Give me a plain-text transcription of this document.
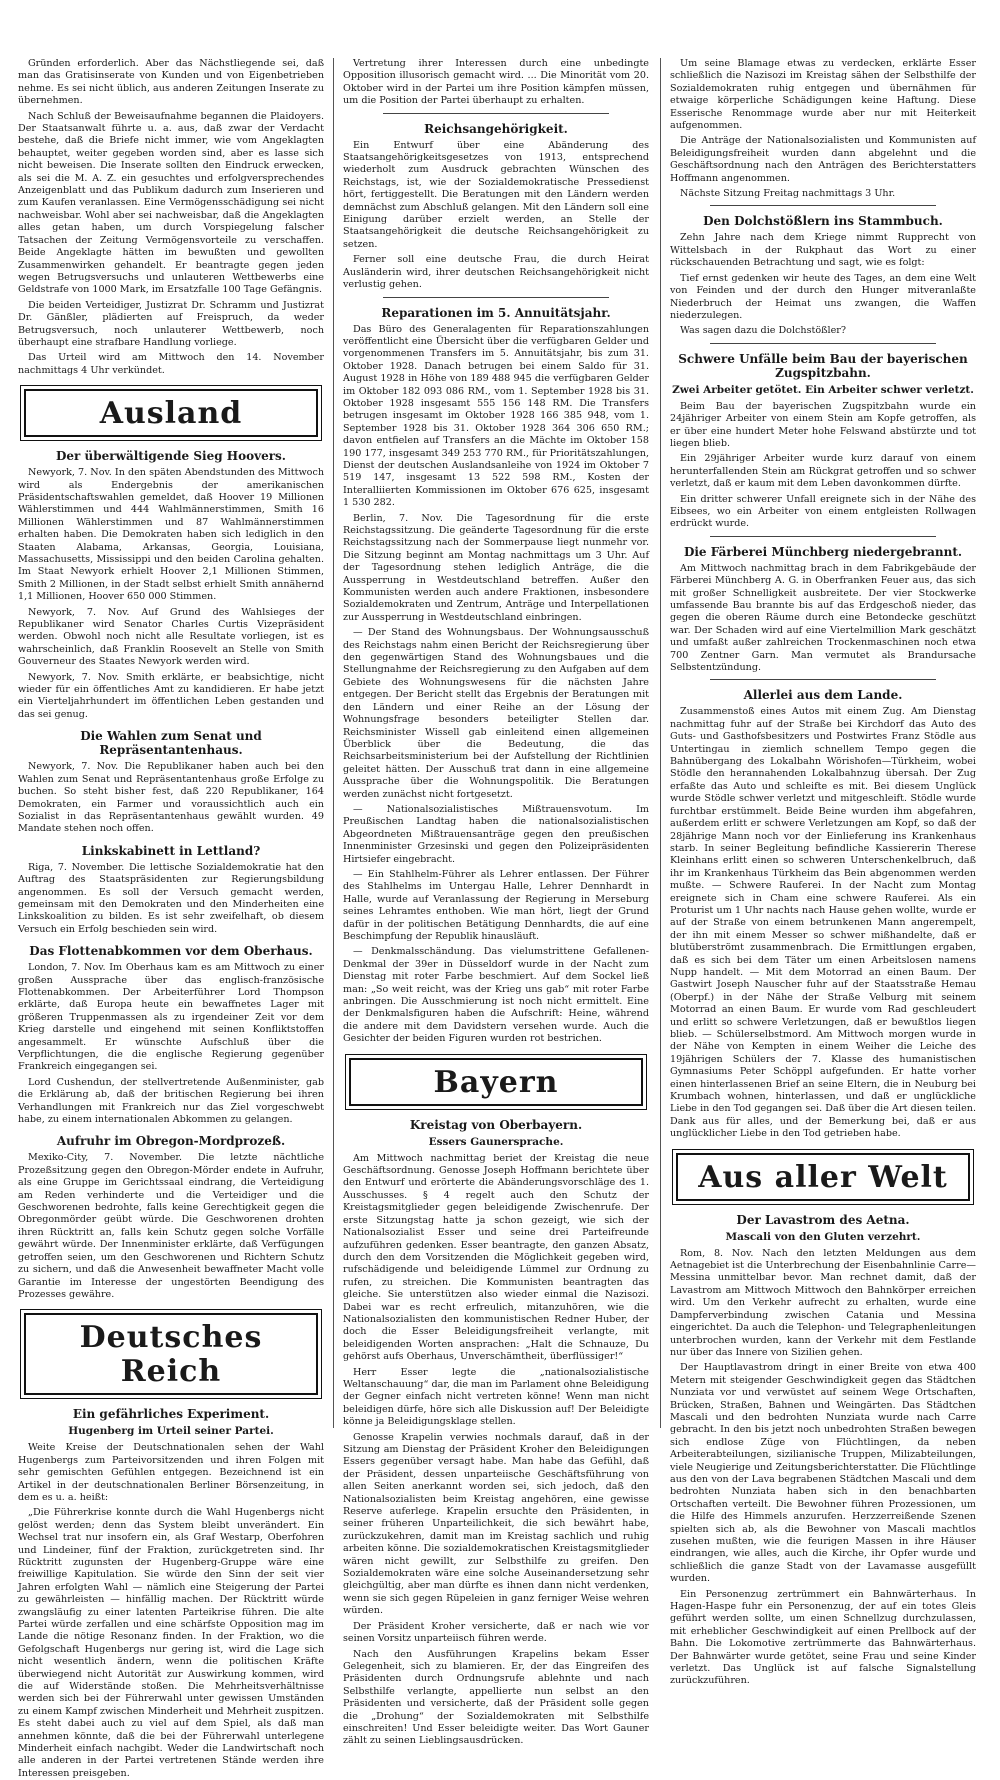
Gründen erforderlich. Aber das Nächstliegende sei, daß man das Gratisinserate von Kunden und von Eigenbetrieben nehme. Es sei nicht üblich, aus anderen Zeitungen Inserate zu übernehmen.

Nach Schluß der Beweisaufnahme begannen die Plaidoyers. Der Staatsanwalt führte u. a. aus, daß zwar der Verdacht bestehe, daß die Briefe nicht immer, wie vom Angeklagten behauptet, weiter gegeben worden sind, aber es lasse sich nicht beweisen. Die Inserate sollten den Eindruck erwecken, als sei die M. A. Z. ein gesuchtes und erfolgversprechendes Anzeigenblatt und das Publikum dadurch zum Inserieren und zum Kaufen veranlassen. Eine Vermögensschädigung sei nicht nachweisbar. Wohl aber sei nachweisbar, daß die Angeklagten alles getan haben, um durch Vorspiegelung falscher Tatsachen der Zeitung Vermögensvorteile zu verschaffen. Beide Angeklagte hätten im bewußten und gewollten Zusammenwirken gehandelt. Er beantragte gegen jeden wegen Betrugsversuchs und unlauteren Wettbewerbs eine Geldstrafe von 1000 Mark, im Ersatzfalle 100 Tage Gefängnis.

Die beiden Verteidiger, Justizrat Dr. Schramm und Justizrat Dr. Gänßler, plädierten auf Freispruch, da weder Betrugsversuch, noch unlauterer Wettbewerb, noch überhaupt eine strafbare Handlung vorliege.

Das Urteil wird am Mittwoch den 14. November nachmittags 4 Uhr verkündet.

Ausland
Der überwältigende Sieg Hoovers.

Newyork, 7. Nov. In den späten Abendstunden des Mittwoch wird als Endergebnis der amerikanischen Präsidentschaftswahlen gemeldet, daß Hoover 19 Millionen Wählerstimmen und 444 Wahlmännerstimmen, Smith 16 Millionen Wählerstimmen und 87 Wahlmännerstimmen erhalten haben. Die Demokraten haben sich lediglich in den Staaten Alabama, Arkansas, Georgia, Louisiana, Massachusetts, Mississippi und den beiden Carolina gehalten. Im Staat Newyork erhielt Hoover 2,1 Millionen Stimmen, Smith 2 Millionen, in der Stadt selbst erhielt Smith annähernd 1,1 Millionen, Hoover 650 000 Stimmen.

Newyork, 7. Nov. Auf Grund des Wahlsieges der Republikaner wird Senator Charles Curtis Vizepräsident werden. Obwohl noch nicht alle Resultate vorliegen, ist es wahrscheinlich, daß Franklin Roosevelt an Stelle von Smith Gouverneur des Staates Newyork werden wird.

Newyork, 7. Nov. Smith erklärte, er beabsichtige, nicht wieder für ein öffentliches Amt zu kandidieren. Er habe jetzt ein Vierteljahrhundert im öffentlichen Leben gestanden und das sei genug.

Die Wahlen zum Senat und Repräsentantenhaus.

Newyork, 7. Nov. Die Republikaner haben auch bei den Wahlen zum Senat und Repräsentantenhaus große Erfolge zu buchen. So steht bisher fest, daß 220 Republikaner, 164 Demokraten, ein Farmer und voraussichtlich auch ein Sozialist in das Repräsentantenhaus gewählt wurden. 49 Mandate stehen noch offen.

Linkskabinett in Lettland?

Riga, 7. November. Die lettische Sozialdemokratie hat den Auftrag des Staatspräsidenten zur Regierungsbildung angenommen. Es soll der Versuch gemacht werden, gemeinsam mit den Demokraten und den Minderheiten eine Linkskoalition zu bilden. Es ist sehr zweifelhaft, ob diesem Versuch ein Erfolg beschieden sein wird.

Das Flottenabkommen vor dem Oberhaus.

London, 7. Nov. Im Oberhaus kam es am Mittwoch zu einer großen Aussprache über das englisch-französische Flottenabkommen. Der Arbeiterführer Lord Thompson erklärte, daß Europa heute ein bewaffnetes Lager mit größeren Truppenmassen als zu irgendeiner Zeit vor dem Krieg darstelle und eingehend mit seinen Konfliktstoffen angesammelt. Er wünschte Aufschluß über die Verpflichtungen, die die englische Regierung gegenüber Frankreich eingegangen sei.

Lord Cushendun, der stellvertretende Außenminister, gab die Erklärung ab, daß der britischen Regierung bei ihren Verhandlungen mit Frankreich nur das Ziel vorgeschwebt habe, zu einem internationalen Abkommen zu gelangen.

Aufruhr im Obregon-Mordprozeß.

Mexiko-City, 7. November. Die letzte nächtliche Prozeßsitzung gegen den Obregon-Mörder endete in Aufruhr, als eine Gruppe im Gerichtssaal eindrang, die Verteidigung am Reden verhinderte und die Verteidiger und die Geschworenen bedrohte, falls keine Gerechtigkeit gegen die Obregonmörder geübt würde. Die Geschworenen drohten ihren Rücktritt an, falls kein Schutz gegen solche Vorfälle gewährt würde. Der Innenminister erklärte, daß Verfügungen getroffen seien, um den Geschworenen und Richtern Schutz zu sichern, und daß die Anwesenheit bewaffneter Macht volle Garantie im Interesse der ungestörten Beendigung des Prozesses gewähre.

Deutsches Reich
Ein gefährliches Experiment.
Hugenberg im Urteil seiner Partei.

Weite Kreise der Deutschnationalen sehen der Wahl Hugenbergs zum Parteivorsitzenden und ihren Folgen mit sehr gemischten Gefühlen entgegen. Bezeichnend ist ein Artikel in der deutschnationalen Berliner Börsenzeitung, in dem es u. a. heißt:

„Die Führerkrise konnte durch die Wahl Hugenbergs nicht gelöst werden; denn das System bleibt unverändert. Ein Wechsel trat nur insofern ein, als Graf Westarp, Oberfohren und Lindeiner, fünf der Fraktion, zurückgetreten sind. Ihr Rücktritt zugunsten der Hugenberg-Gruppe wäre eine freiwillige Kapitulation. Sie würde den Sinn der seit vier Jahren erfolgten Wahl — nämlich eine Steigerung der Partei zu gewährleisten — hinfällig machen. Der Rücktritt würde zwangsläufig zu einer latenten Parteikrise führen. Die alte Partei würde zerfallen und eine schärfste Opposition mag im Lande die nötige Resonanz finden. In der Fraktion, wo die Gefolgschaft Hugenbergs nur gering ist, wird die Lage sich nicht wesentlich ändern, wenn die politischen Kräfte überwiegend nicht Autorität zur Auswirkung kommen, wird die auf Widerstände stoßen. Die Mehrheitsverhältnisse werden sich bei der Führerwahl unter gewissen Umständen zu einem Kampf zwischen Minderheit und Mehrheit zuspitzen. Es steht dabei auch zu viel auf dem Spiel, als daß man annehmen könnte, daß die bei der Führerwahl unterlegene Minderheit einfach nachgibt. Weder die Landwirtschaft noch alle anderen in der Partei vertretenen Stände werden ihre Interessen preisgeben.

Vertretung ihrer Interessen durch eine unbedingte Opposition illusorisch gemacht wird. ... Die Minorität vom 20. Oktober wird in der Partei um ihre Position kämpfen müssen, um die Position der Partei überhaupt zu erhalten.

Reichsangehörigkeit.

Ein Entwurf über eine Abänderung des Staatsangehörigkeitsgesetzes von 1913, entsprechend wiederholt zum Ausdruck gebrachten Wünschen des Reichstags, ist, wie der Sozialdemokratische Pressedienst hört, fertiggestellt. Die Beratungen mit den Ländern werden demnächst zum Abschluß gelangen. Mit den Ländern soll eine Einigung darüber erzielt werden, an Stelle der Staatsangehörigkeit die deutsche Reichsangehörigkeit zu setzen.

Ferner soll eine deutsche Frau, die durch Heirat Ausländerin wird, ihrer deutschen Reichsangehörigkeit nicht verlustig gehen.

Reparationen im 5. Annuitätsjahr.

Das Büro des Generalagenten für Reparationszahlungen veröffentlicht eine Übersicht über die verfügbaren Gelder und vorgenommenen Transfers im 5. Annuitätsjahr, bis zum 31. Oktober 1928. Danach betrugen bei einem Saldo für 31. August 1928 in Höhe von 189 488 945 die verfügbaren Gelder im Oktober 182 093 086 RM., vom 1. September 1928 bis 31. Oktober 1928 insgesamt 555 156 148 RM. Die Transfers betrugen insgesamt im Oktober 1928 166 385 948, vom 1. September 1928 bis 31. Oktober 1928 364 306 650 RM.; davon entfielen auf Transfers an die Mächte im Oktober 158 190 177, insgesamt 349 253 770 RM., für Prioritätszahlungen, Dienst der deutschen Auslandsanleihe von 1924 im Oktober 7 519 147, insgesamt 13 522 598 RM., Kosten der Interalliierten Kommissionen im Oktober 676 625, insgesamt 1 530 282.

Berlin, 7. Nov. Die Tagesordnung für die erste Reichstagssitzung. Die geänderte Tagesordnung für die erste Reichstagssitzung nach der Sommerpause liegt nunmehr vor. Die Sitzung beginnt am Montag nachmittags um 3 Uhr. Auf der Tagesordnung stehen lediglich Anträge, die die Aussperrung in Westdeutschland betreffen. Außer den Kommunisten werden auch andere Fraktionen, insbesondere Sozialdemokraten und Zentrum, Anträge und Interpellationen zur Aussperrung in Westdeutschland einbringen.

— Der Stand des Wohnungsbaus. Der Wohnungsausschuß des Reichstags nahm einen Bericht der Reichsregierung über den gegenwärtigen Stand des Wohnungsbaues und die Stellungnahme der Reichsregierung zu den Aufgaben auf dem Gebiete des Wohnungswesens für die nächsten Jahre entgegen. Der Bericht stellt das Ergebnis der Beratungen mit den Ländern und einer Reihe an der Lösung der Wohnungsfrage besonders beteiligter Stellen dar. Reichsminister Wissell gab einleitend einen allgemeinen Überblick über die Bedeutung, die das Reichsarbeitsministerium bei der Aufstellung der Richtlinien geleitet hätten. Der Ausschuß trat dann in eine allgemeine Aussprache über die Wohnungspolitik. Die Beratungen werden zunächst nicht fortgesetzt.

— Nationalsozialistisches Mißtrauensvotum. Im Preußischen Landtag haben die nationalsozialistischen Abgeordneten Mißtrauensanträge gegen den preußischen Innenminister Grzesinski und gegen den Polizeipräsidenten Hirtsiefer eingebracht.

— Ein Stahlhelm-Führer als Lehrer entlassen. Der Führer des Stahlhelms im Untergau Halle, Lehrer Dennhardt in Halle, wurde auf Veranlassung der Regierung in Merseburg seines Lehramtes enthoben. Wie man hört, liegt der Grund dafür in der politischen Betätigung Dennhardts, die auf eine Beschimpfung der Republik hinausläuft.

— Denkmalsschändung. Das vielumstrittene Gefallenen-Denkmal der 39er in Düsseldorf wurde in der Nacht zum Dienstag mit roter Farbe beschmiert. Auf dem Sockel ließ man: „So weit reicht, was der Krieg uns gab“ mit roter Farbe anbringen. Die Ausschmierung ist noch nicht ermittelt. Eine der Denkmalsfiguren haben die Aufschrift: Heine, während die andere mit dem Davidstern versehen wurde. Auch die Gesichter der beiden Figuren wurden rot bestrichen.

Bayern
Kreistag von Oberbayern.
Essers Gaunersprache.

Am Mittwoch nachmittag beriet der Kreistag die neue Geschäftsordnung. Genosse Joseph Hoffmann berichtete über den Entwurf und erörterte die Abänderungsvorschläge des 1. Ausschusses. § 4 regelt auch den Schutz der Kreistagsmitglieder gegen beleidigende Zwischenrufe. Der erste Sitzungstag hatte ja schon gezeigt, wie sich der Nationalsozialist Esser und seine drei Parteifreunde aufzuführen gedenken. Esser beantragte, den ganzen Absatz, durch den dem Vorsitzenden die Möglichkeit gegeben wird, rufschädigende und beleidigende Lümmel zur Ordnung zu rufen, zu streichen. Die Kommunisten beantragten das gleiche. Sie unterstützen also wieder einmal die Nazisozi. Dabei war es recht erfreulich, mitanzuhören, wie die Nationalsozialisten den kommunistischen Redner Huber, der doch die Esser Beleidigungsfreiheit verlangte, mit beleidigenden Worten ansprachen: „Halt die Schnauze, Du gehörst aufs Oberhaus, Unverschämtheit, überflüssiger!“

Herr Esser legte die „nationalsozialistische Weltanschauung“ dar, die man im Parlament ohne Beleidigung der Gegner einfach nicht vertreten könne! Wenn man nicht beleidigen dürfe, höre sich alle Diskussion auf! Der Beleidigte könne ja Beleidigungsklage stellen.

Genosse Krapelin verwies nochmals darauf, daß in der Sitzung am Dienstag der Präsident Kroher den Beleidigungen Essers gegenüber versagt habe. Man habe das Gefühl, daß der Präsident, dessen unparteiische Geschäftsführung von allen Seiten anerkannt worden sei, sich jedoch, daß den Nationalsozialisten beim Kreistag angehören, eine gewisse Reserve auferlege. Krapelin ersuchte den Präsidenten, in seiner früheren Unparteilichkeit, die sich bewährt habe, zurückzukehren, damit man im Kreistag sachlich und ruhig arbeiten könne. Die sozialdemokratischen Kreistagsmitglieder wären nicht gewillt, zur Selbsthilfe zu greifen. Den Sozialdemokraten wäre eine solche Auseinandersetzung sehr gleichgültig, aber man dürfte es ihnen dann nicht verdenken, wenn sie sich gegen Rüpeleien in ganz ferniger Weise wehren würden.

Der Präsident Kroher versicherte, daß er nach wie vor seinen Vorsitz unparteiisch führen werde.

Nach den Ausführungen Krapelins bekam Esser Gelegenheit, sich zu blamieren. Er, der das Eingreifen des Präsidenten durch Ordnungsrufe ablehnte und nach Selbsthilfe verlangte, appellierte nun selbst an den Präsidenten und versicherte, daß der Präsident solle gegen die „Drohung“ der Sozialdemokraten mit Selbsthilfe einschreiten! Und Esser beleidigte weiter. Das Wort Gauner zählt zu seinen Lieblingsausdrücken.

Um seine Blamage etwas zu verdecken, erklärte Esser schließlich die Nazisozi im Kreistag sähen der Selbsthilfe der Sozialdemokraten ruhig entgegen und übernähmen für etwaige körperliche Schädigungen keine Haftung. Diese Esserische Renommage wurde aber nur mit Heiterkeit aufgenommen.

Die Anträge der Nationalsozialisten und Kommunisten auf Beleidigungsfreiheit wurden dann abgelehnt und die Geschäftsordnung nach den Anträgen des Berichterstatters Hoffmann angenommen.

Nächste Sitzung Freitag nachmittags 3 Uhr.

Den Dolchstößlern ins Stammbuch.

Zehn Jahre nach dem Kriege nimmt Rupprecht von Wittelsbach in der Rukphaut das Wort zu einer rückschauenden Betrachtung und sagt, wie es folgt:

Tief ernst gedenken wir heute des Tages, an dem eine Welt von Feinden und der durch den Hunger mitveranlaßte Niederbruch der Heimat uns zwangen, die Waffen niederzulegen.

Was sagen dazu die Dolchstößler?

Schwere Unfälle beim Bau der bayerischen Zugspitzbahn.
Zwei Arbeiter getötet. Ein Arbeiter schwer verletzt.

Beim Bau der bayerischen Zugspitzbahn wurde ein 24jähriger Arbeiter von einem Stein am Kopfe getroffen, als er über eine hundert Meter hohe Felswand abstürzte und tot liegen blieb.

Ein 29jähriger Arbeiter wurde kurz darauf von einem herunterfallenden Stein am Rückgrat getroffen und so schwer verletzt, daß er kaum mit dem Leben davonkommen dürfte.

Ein dritter schwerer Unfall ereignete sich in der Nähe des Eibsees, wo ein Arbeiter von einem entgleisten Rollwagen erdrückt wurde.

Die Färberei Münchberg niedergebrannt.

Am Mittwoch nachmittag brach in dem Fabrikgebäude der Färberei Münchberg A. G. in Oberfranken Feuer aus, das sich mit großer Schnelligkeit ausbreitete. Der vier Stockwerke umfassende Bau brannte bis auf das Erdgeschoß nieder, das gegen die oberen Räume durch eine Betondecke geschützt war. Der Schaden wird auf eine Viertelmillion Mark geschätzt und umfaßt außer zahlreichen Trockenmaschinen noch etwa 700 Zentner Garn. Man vermutet als Brandursache Selbstentzündung.

Allerlei aus dem Lande.

Zusammenstoß eines Autos mit einem Zug. Am Dienstag nachmittag fuhr auf der Straße bei Kirchdorf das Auto des Guts- und Gasthofsbesitzers und Postwirtes Franz Stödle aus Untertingau in ziemlich schnellem Tempo gegen die Bahnübergang des Lokalbahn Wörishofen—Türkheim, wobei Stödle den herannahenden Lokalbahnzug übersah. Der Zug erfaßte das Auto und schleifte es mit. Bei diesem Unglück wurde Stödle schwer verletzt und mitgeschleift. Stödle wurde furchtbar erstümmelt. Beide Beine wurden ihm abgefahren, außerdem erlitt er schwere Verletzungen am Kopf, so daß der 28jährige Mann noch vor der Einlieferung ins Krankenhaus starb. In seiner Begleitung befindliche Kassiererin Therese Kleinhans erlitt einen so schweren Unterschenkelbruch, daß ihr im Krankenhaus Türkheim das Bein abgenommen werden mußte. — Schwere Rauferei. In der Nacht zum Montag ereignete sich in Cham eine schwere Rauferei. Als ein Proturist um 1 Uhr nachts nach Hause gehen wollte, wurde er auf der Straße von einem betrunkenen Mann angerempelt, der ihn mit einem Messer so schwer mißhandelte, daß er blutüberströmt zusammenbrach. Die Ermittlungen ergaben, daß es sich bei dem Täter um einen Arbeitslosen namens Nupp handelt. — Mit dem Motorrad an einen Baum. Der Gastwirt Joseph Nauscher fuhr auf der Staatsstraße Hemau (Oberpf.) in der Nähe der Straße Velburg mit seinem Motorrad an einen Baum. Er wurde vom Rad geschleudert und erlitt so schwere Verletzungen, daß er bewußtlos liegen blieb. — Schülerselbstmord. Am Mittwoch morgen wurde in der Nähe von Kempten in einem Weiher die Leiche des 19jährigen Schülers der 7. Klasse des humanistischen Gymnasiums Peter Schöppl aufgefunden. Er hatte vorher einen hinterlassenen Brief an seine Eltern, die in Neuburg bei Krumbach wohnen, hinterlassen, und daß er unglückliche Liebe in den Tod gegangen sei. Daß über die Art diesen teilen. Dank aus für alles, und der Bemerkung bei, daß er aus unglücklicher Liebe in den Tod getrieben habe.

Aus aller Welt
Der Lavastrom des Aetna.
Mascali von den Gluten verzehrt.

Rom, 8. Nov. Nach den letzten Meldungen aus dem Aetnagebiet ist die Unterbrechung der Eisenbahnlinie Carre—Messina unmittelbar bevor. Man rechnet damit, daß der Lavastrom am Mittwoch Mittwoch den Bahnkörper erreichen wird. Um den Verkehr aufrecht zu erhalten, wurde eine Dampferverbindung zwischen Catania und Messina eingerichtet. Da auch die Telephon- und Telegraphenleitungen unterbrochen wurden, kann der Verkehr mit dem Festlande nur über das Innere von Sizilien gehen.

Der Hauptlavastrom dringt in einer Breite von etwa 400 Metern mit steigender Geschwindigkeit gegen das Städtchen Nunziata vor und verwüstet auf seinem Wege Ortschaften, Brücken, Straßen, Bahnen und Weingärten. Das Städtchen Mascali und den bedrohten Nunziata wurde nach Carre gebracht. In den bis jetzt noch unbedrohten Straßen bewegen sich endlose Züge von Flüchtlingen, da neben Arbeiterabteilungen, sizilianische Truppen, Milizabteilungen, viele Neugierige und Zeitungsberichterstatter. Die Flüchtlinge aus den von der Lava begrabenen Städtchen Mascali und dem bedrohten Nunziata haben sich in den benachbarten Ortschaften verteilt. Die Bewohner führen Prozessionen, um die Hilfe des Himmels anzurufen. Herzzerreißende Szenen spielten sich ab, als die Bewohner von Mascali machtlos zusehen mußten, wie die feurigen Massen in ihre Häuser eindrangen, wie alles, auch die Kirche, ihr Opfer wurde und schließlich die ganze Stadt von der Lavamasse ausgefüllt wurden.

Ein Personenzug zertrümmert ein Bahnwärterhaus. In Hagen-Haspe fuhr ein Personenzug, der auf ein totes Gleis geführt werden sollte, um einen Schnellzug durchzulassen, mit erheblicher Geschwindigkeit auf einen Prellbock auf der Bahn. Die Lokomotive zertrümmerte das Bahnwärterhaus. Der Bahnwärter wurde getötet, seine Frau und seine Kinder verletzt. Das Unglück ist auf falsche Signalstellung zurückzuführen.
